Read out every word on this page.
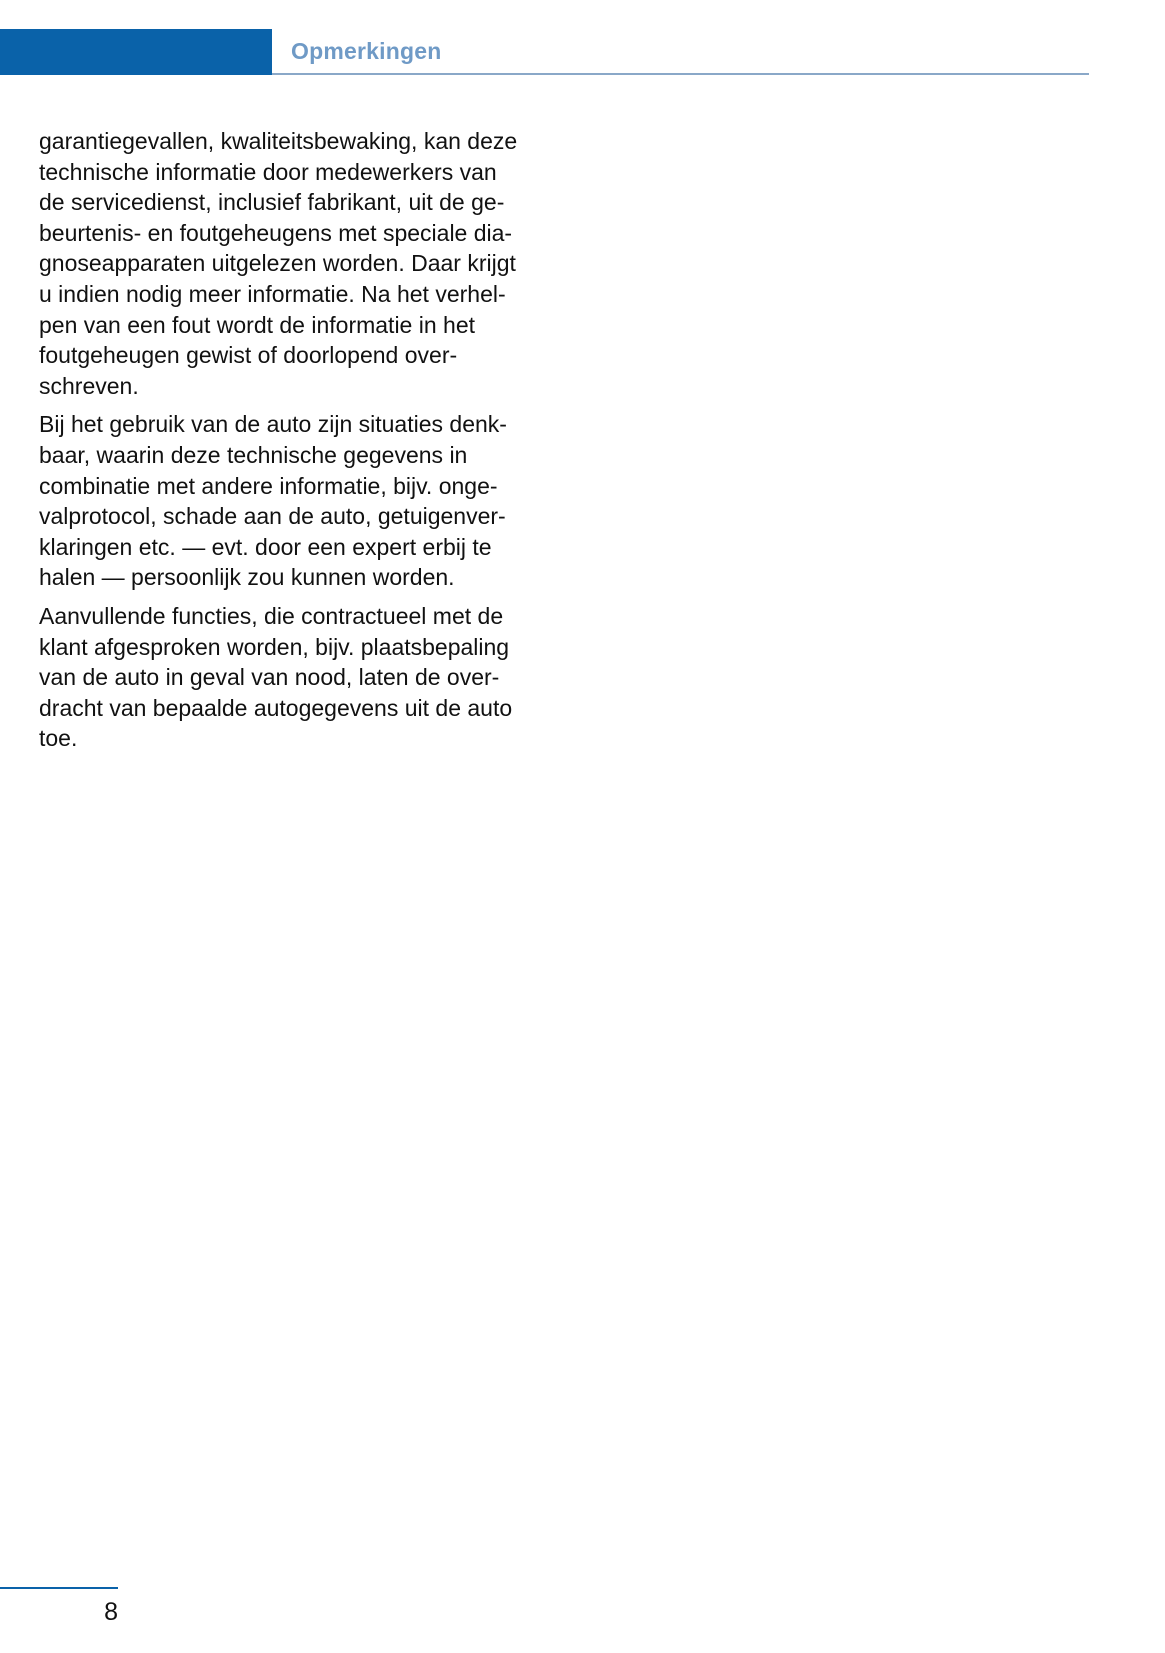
Opmerkingen

garantiegevallen, kwaliteitsbewaking, kan deze
technische informatie door medewerkers van
de servicedienst, inclusief fabrikant, uit de ge-
beurtenis- en foutgeheugens met speciale dia-
gnoseapparaten uitgelezen worden. Daar krijgt
u indien nodig meer informatie. Na het verhel-
pen van een fout wordt de informatie in het
foutgeheugen gewist of doorlopend over-
schreven.

Bij het gebruik van de auto zijn situaties denk-
baar, waarin deze technische gegevens in
combinatie met andere informatie, bijv. onge-
valprotocol, schade aan de auto, getuigenver-
klaringen etc. — evt. door een expert erbij te
halen — persoonlijk zou kunnen worden.

Aanvullende functies, die contractueel met de
klant afgesproken worden, bijv. plaatsbepaling
van de auto in geval van nood, laten de over-
dracht van bepaalde autogegevens uit de auto
toe.

8
